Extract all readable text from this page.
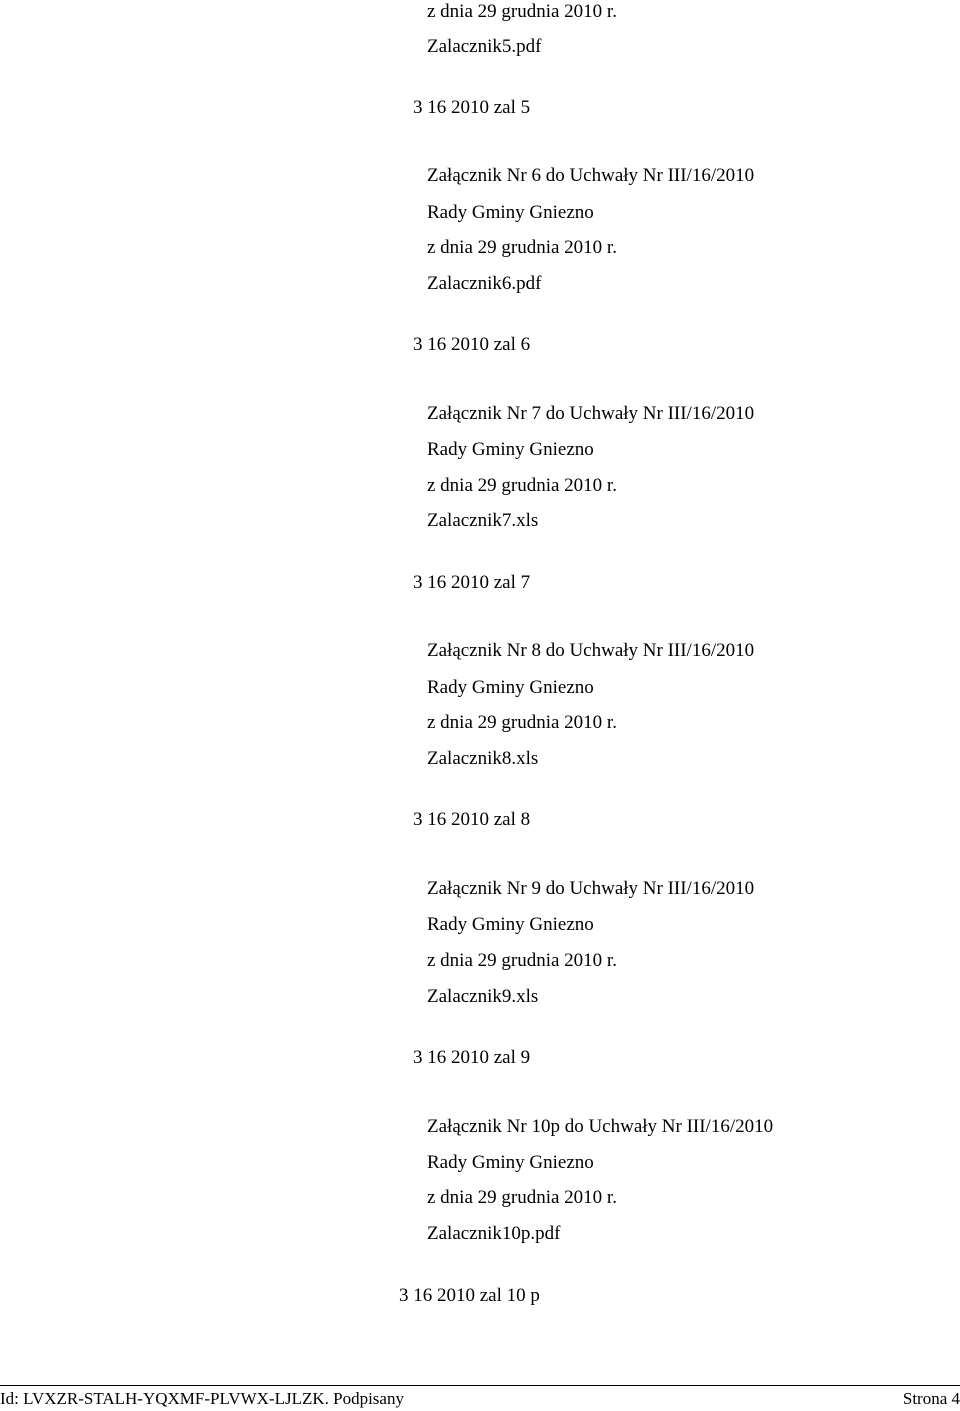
z dnia 29 grudnia 2010 r.
Zalacznik5.pdf
3 16 2010 zal 5
Załącznik Nr 6 do Uchwały Nr III/16/2010
Rady Gminy Gniezno
z dnia 29 grudnia 2010 r.
Zalacznik6.pdf
3 16 2010 zal 6
Załącznik Nr 7 do Uchwały Nr III/16/2010
Rady Gminy Gniezno
z dnia 29 grudnia 2010 r.
Zalacznik7.xls
3 16 2010 zal 7
Załącznik Nr 8 do Uchwały Nr III/16/2010
Rady Gminy Gniezno
z dnia 29 grudnia 2010 r.
Zalacznik8.xls
3 16 2010 zal 8
Załącznik Nr 9 do Uchwały Nr III/16/2010
Rady Gminy Gniezno
z dnia 29 grudnia 2010 r.
Zalacznik9.xls
3 16 2010 zal 9
Załącznik Nr 10p do Uchwały Nr III/16/2010
Rady Gminy Gniezno
z dnia 29 grudnia 2010 r.
Zalacznik10p.pdf
3 16 2010 zal 10 p
Id: LVXZR-STALH-YQXMF-PLVWX-LJLZK. Podpisany	Strona 4
